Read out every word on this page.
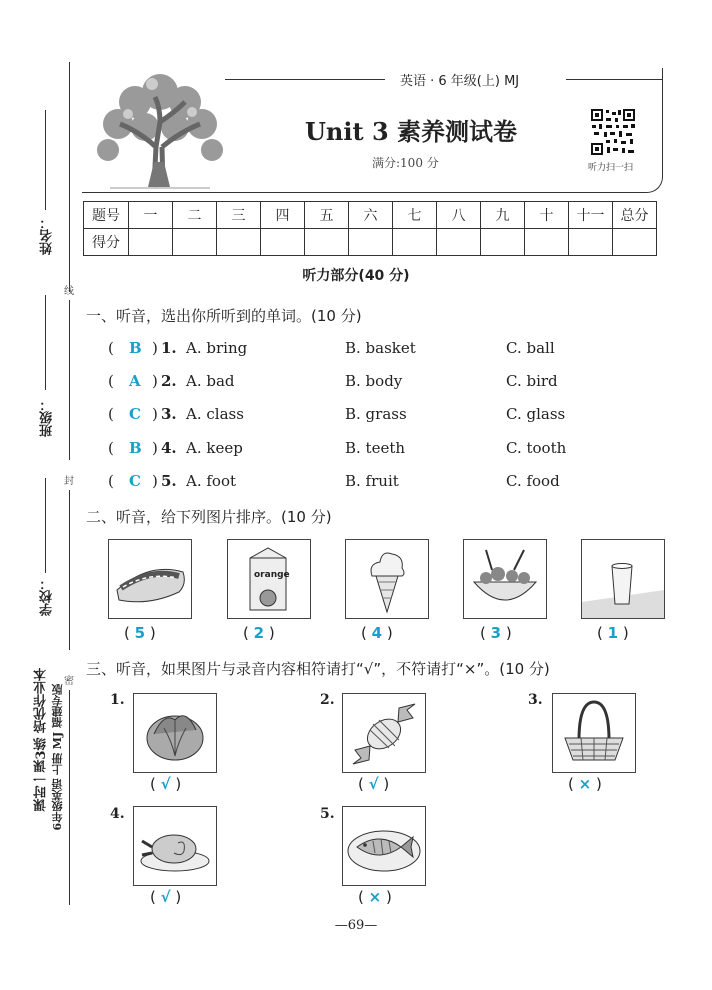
姓名：
班级：
学校：
线
封
密
课时一课3练 培优作业本 6年级英语 上册 MJ 福建专版
英语 · 6 年级(上) MJ
Unit 3 素养测试卷
满分:100 分	听力扫一扫
题号	一	二	三	四	五	六	七	八	九	十	十一	总分
得分												
听力部分(40 分)
一、听音，选出你所听到的单词。(10 分)
( B ) 1. A. bring	B. basket	C. ball
( A ) 2. A. bad	B. body	C. bird
( C ) 3. A. class	B. grass	C. glass
( B ) 4. A. keep	B. teeth	C. tooth
( C ) 5. A. foot	B. fruit	C. food
二、听音，给下列图片排序。(10 分)
( 5 )
orange
( 2 )	( 4 )	( 3 )	( 1 )
三、听音，如果图片与录音内容相符请打“√”，不符请打“×”。(10 分)
1.
( √ )
2.
( √ )
3.
( × )
4.
( √ )
5.
( × )
—69—
